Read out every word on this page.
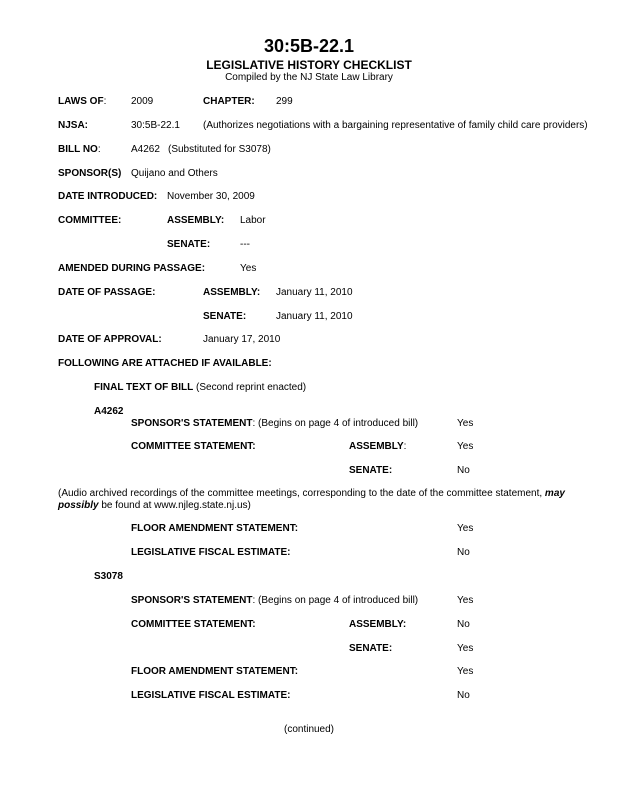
30:5B-22.1
LEGISLATIVE HISTORY CHECKLIST
Compiled by the NJ State Law Library
LAWS OF: 2009	CHAPTER: 299
NJSA:	30:5B-22.1 (Authorizes negotiations with a bargaining representative of family child care providers)
BILL NO:	A4262 (Substituted for S3078)
SPONSOR(S) Quijano and Others
DATE INTRODUCED: November 30, 2009
COMMITTEE:	ASSEMBLY: Labor
SENATE:	---
AMENDED DURING PASSAGE:	Yes
DATE OF PASSAGE:	ASSEMBLY: January 11, 2010
SENATE:	January 11, 2010
DATE OF APPROVAL:	January 17, 2010
FOLLOWING ARE ATTACHED IF AVAILABLE:
FINAL TEXT OF BILL (Second reprint enacted)
A4262
SPONSOR'S STATEMENT: (Begins on page 4 of introduced bill)	Yes
COMMITTEE STATEMENT:	ASSEMBLY:	Yes
SENATE:	No
(Audio archived recordings of the committee meetings, corresponding to the date of the committee statement, may possibly be found at www.njleg.state.nj.us)
FLOOR AMENDMENT STATEMENT:	Yes
LEGISLATIVE FISCAL ESTIMATE:	No
S3078
SPONSOR'S STATEMENT: (Begins on page 4 of introduced bill)	Yes
COMMITTEE STATEMENT:	ASSEMBLY:	No
SENATE:	Yes
FLOOR AMENDMENT STATEMENT:	Yes
LEGISLATIVE FISCAL ESTIMATE:	No
(continued)
